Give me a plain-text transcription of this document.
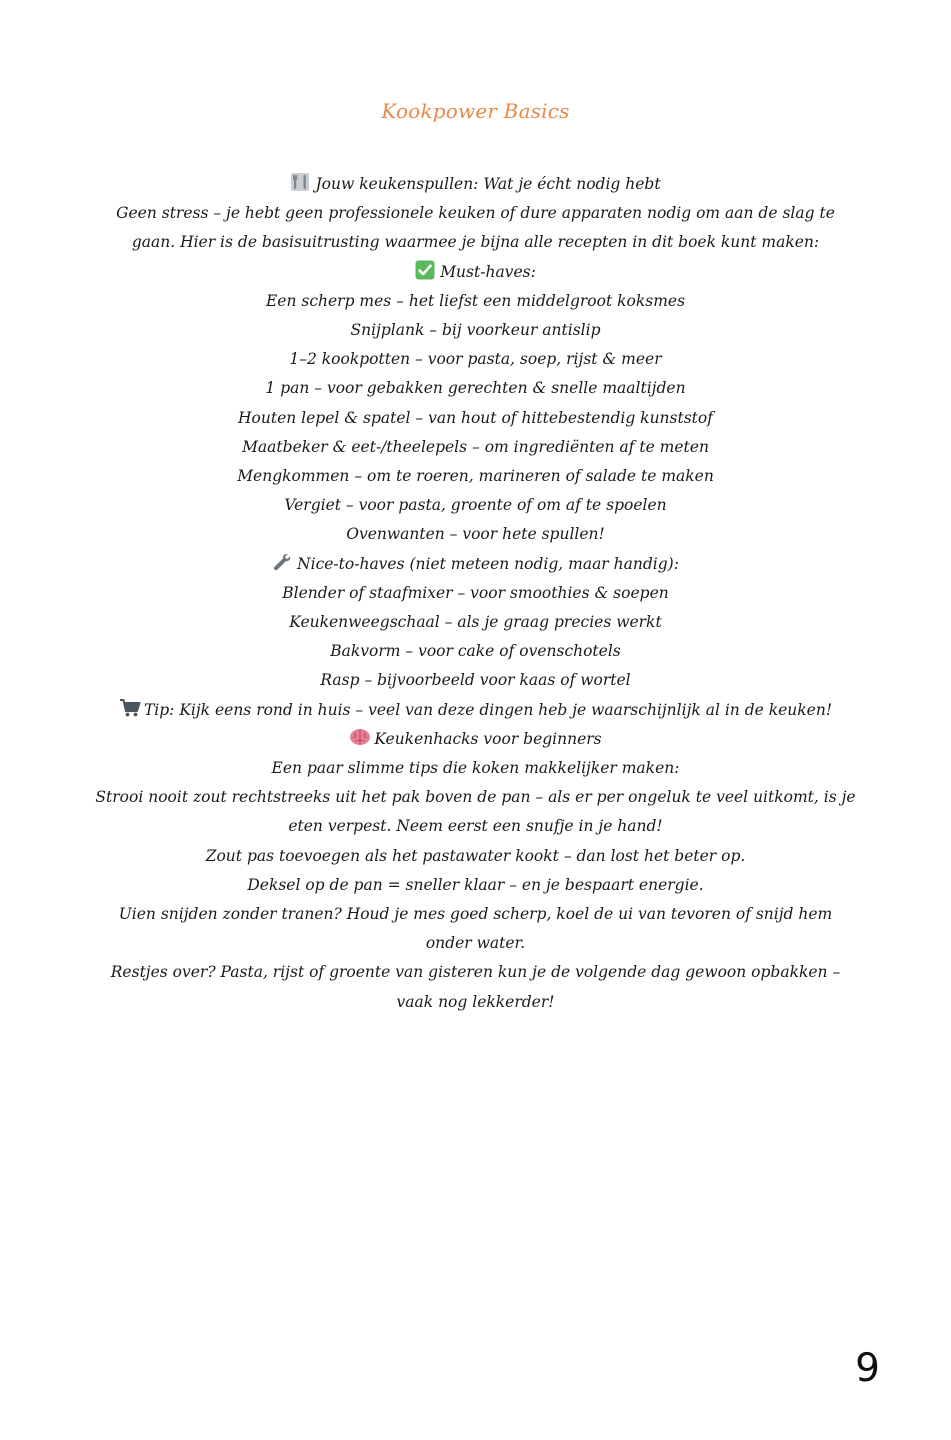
Kookpower Basics
Jouw keukenspullen: Wat je écht nodig hebt
Geen stress – je hebt geen professionele keuken of dure apparaten nodig om aan de slag te gaan. Hier is de basisuitrusting waarmee je bijna alle recepten in dit boek kunt maken:
Must-haves:
Een scherp mes – het liefst een middelgroot koksmes
Snijplank – bij voorkeur antislip
1–2 kookpotten – voor pasta, soep, rijst & meer
1 pan – voor gebakken gerechten & snelle maaltijden
Houten lepel & spatel – van hout of hittebestendig kunststof
Maatbeker & eet-/theelepels – om ingrediënten af te meten
Mengkommen – om te roeren, marineren of salade te maken
Vergiet – voor pasta, groente of om af te spoelen
Ovenwanten – voor hete spullen!
Nice-to-haves (niet meteen nodig, maar handig):
Blender of staafmixer – voor smoothies & soepen
Keukenweegschaal – als je graag precies werkt
Bakvorm – voor cake of ovenschotels
Rasp – bijvoorbeeld voor kaas of wortel
Tip: Kijk eens rond in huis – veel van deze dingen heb je waarschijnlijk al in de keuken!
Keukenhacks voor beginners
Een paar slimme tips die koken makkelijker maken:
Strooi nooit zout rechtstreeks uit het pak boven de pan – als er per ongeluk te veel uitkomt, is je eten verpest. Neem eerst een snufje in je hand!
Zout pas toevoegen als het pastawater kookt – dan lost het beter op.
Deksel op de pan = sneller klaar – en je bespaart energie.
Uien snijden zonder tranen? Houd je mes goed scherp, koel de ui van tevoren of snijd hem onder water.
Restjes over? Pasta, rijst of groente van gisteren kun je de volgende dag gewoon opbakken – vaak nog lekkerder!
9
